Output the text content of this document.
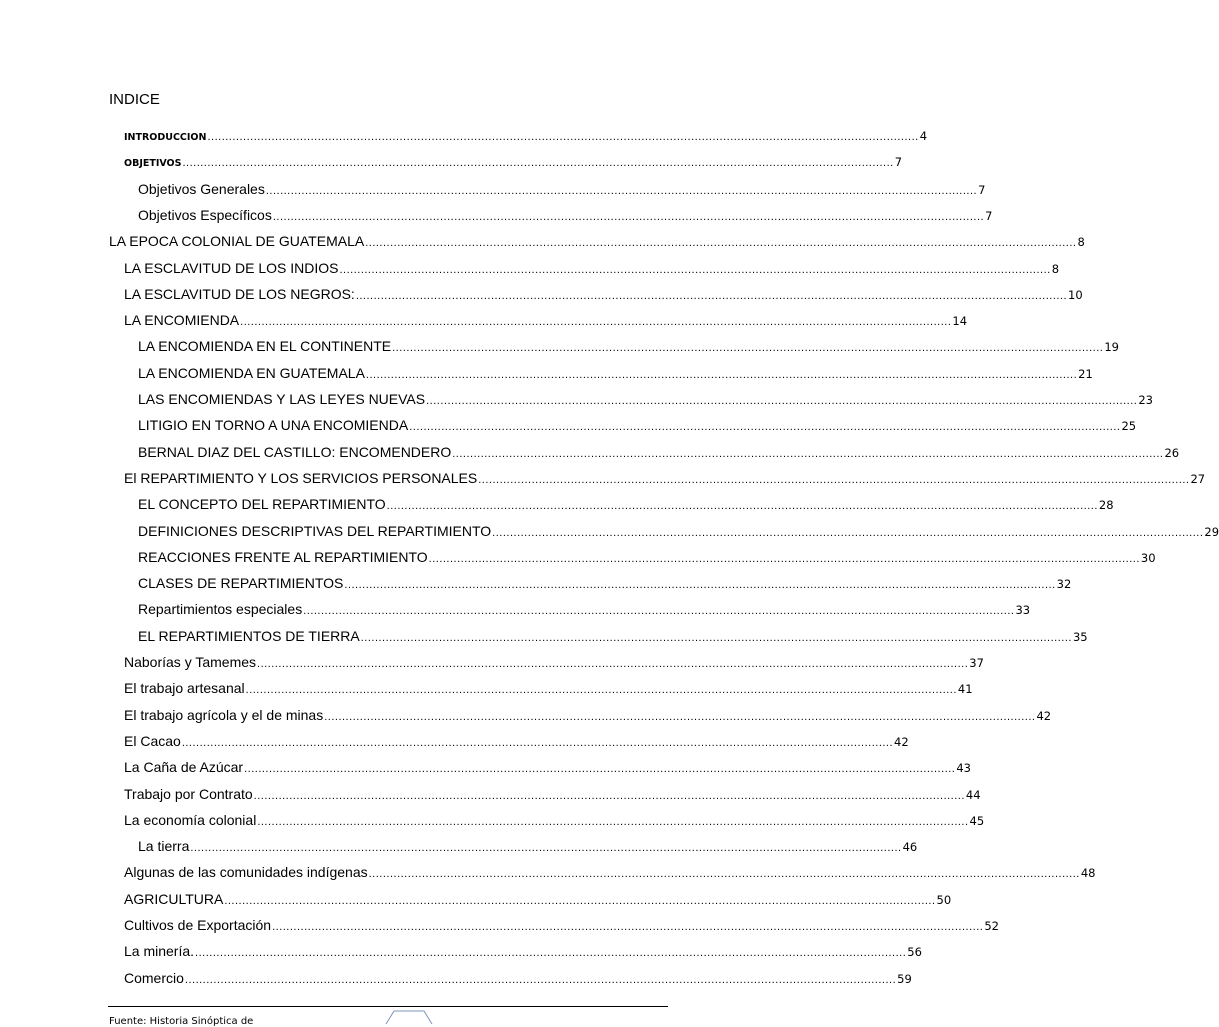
INDICE
INTRODUCCION ........................................................................................................................................................................................................ 4
OBJETIVOS ........................................................................................................................................................................................................ 7
Objetivos Generales ........................................................................................................................................................................................................ 7
Objetivos Específicos ........................................................................................................................................................................................................ 7
LA EPOCA COLONIAL DE GUATEMALA ........................................................................................................................................................................................................ 8
LA ESCLAVITUD DE LOS INDIOS ........................................................................................................................................................................................................ 8
LA ESCLAVITUD DE LOS NEGROS: ........................................................................................................................................................................................................ 10
LA ENCOMIENDA ........................................................................................................................................................................................................ 14
LA ENCOMIENDA EN EL CONTINENTE ........................................................................................................................................................................................................ 19
LA ENCOMIENDA EN GUATEMALA ........................................................................................................................................................................................................ 21
LAS ENCOMIENDAS Y LAS LEYES NUEVAS ........................................................................................................................................................................................................ 23
LITIGIO EN TORNO A UNA ENCOMIENDA ........................................................................................................................................................................................................ 25
BERNAL DIAZ DEL CASTILLO: ENCOMENDERO ........................................................................................................................................................................................................ 26
El REPARTIMIENTO Y LOS SERVICIOS PERSONALES ........................................................................................................................................................................................................ 27
EL CONCEPTO DEL REPARTIMIENTO ........................................................................................................................................................................................................ 28
DEFINICIONES DESCRIPTIVAS DEL REPARTIMIENTO ........................................................................................................................................................................................................ 29
REACCIONES FRENTE AL REPARTIMIENTO ........................................................................................................................................................................................................ 30
CLASES DE REPARTIMIENTOS ........................................................................................................................................................................................................ 32
Repartimientos especiales ........................................................................................................................................................................................................ 33
EL REPARTIMIENTOS DE TIERRA ........................................................................................................................................................................................................ 35
Naborías y Tamemes ........................................................................................................................................................................................................ 37
El trabajo artesanal ........................................................................................................................................................................................................ 41
El trabajo agrícola y el de minas ........................................................................................................................................................................................................ 42
El Cacao ........................................................................................................................................................................................................ 42
La Caña de Azúcar ........................................................................................................................................................................................................ 43
Trabajo por Contrato ........................................................................................................................................................................................................ 44
La economía colonial ........................................................................................................................................................................................................ 45
La tierra ........................................................................................................................................................................................................ 46
Algunas de las comunidades indígenas ........................................................................................................................................................................................................ 48
AGRICULTURA ........................................................................................................................................................................................................ 50
Cultivos de Exportación ........................................................................................................................................................................................................ 52
La minería. ........................................................................................................................................................................................................ 56
Comercio ........................................................................................................................................................................................................ 59
Fuente: Historia Sinóptica de
